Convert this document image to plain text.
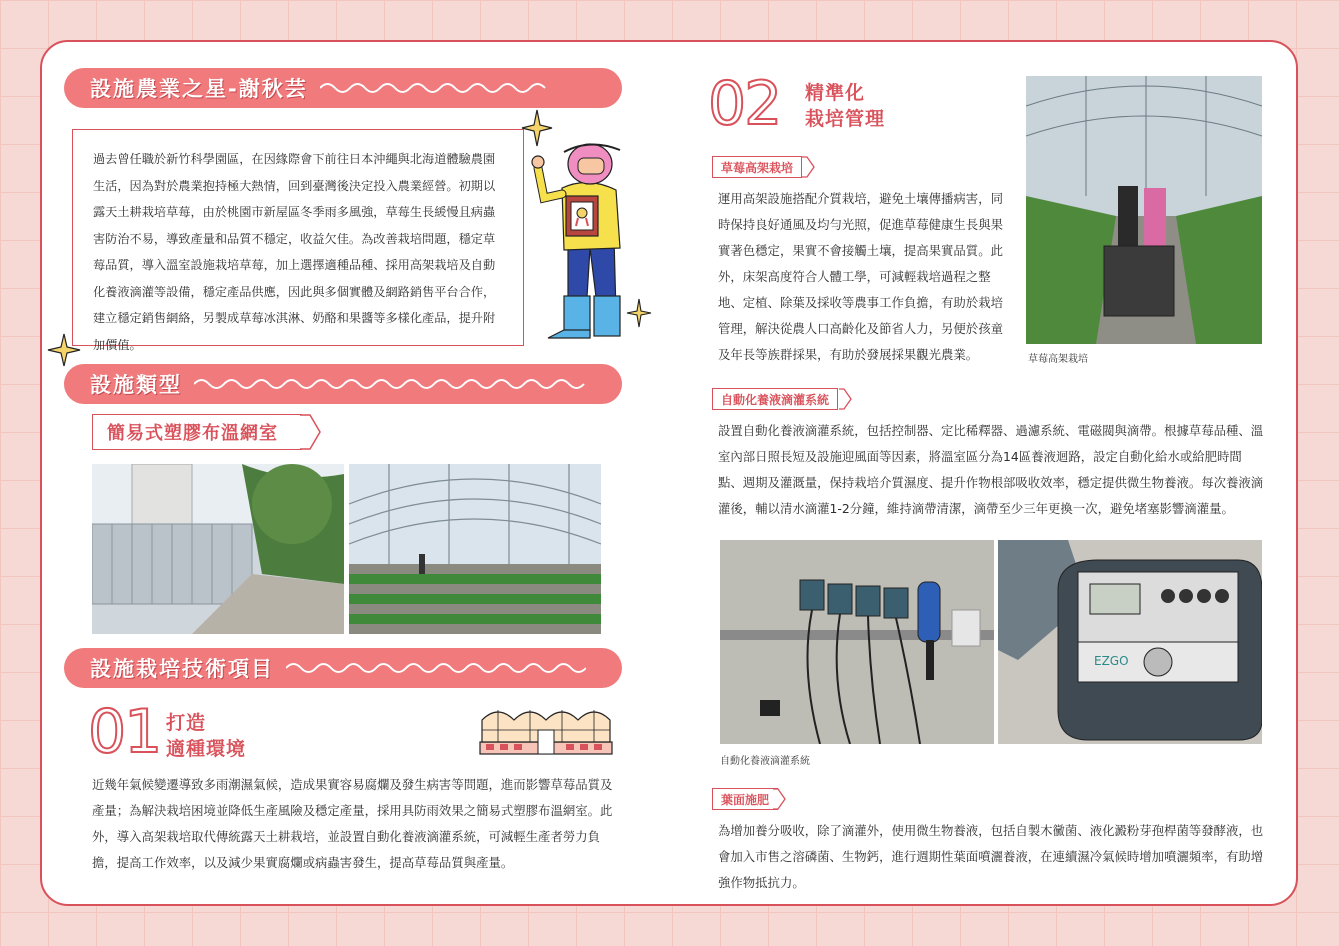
設施農業之星-謝秋芸

過去曾任職於新竹科學園區，在因緣際會下前往日本沖繩與北海道體驗農園生活，因為對於農業抱持極大熱情，回到臺灣後決定投入農業經營。初期以露天土耕栽培草莓，由於桃園市新屋區冬季雨多風強，草莓生長緩慢且病蟲害防治不易，導致產量和品質不穩定，收益欠佳。為改善栽培問題，穩定草莓品質，導入溫室設施栽培草莓，加上選擇適種品種、採用高架栽培及自動化養液滴灌等設備，穩定產品供應，因此與多個實體及網路銷售平台合作，建立穩定銷售網絡，另製成草莓冰淇淋、奶酪和果醬等多樣化產品，提升附加價值。

設施類型
簡易式塑膠布溫網室
設施栽培技術項目
01 打造
適種環境
近幾年氣候變遷導致多雨潮濕氣候，造成果實容易腐爛及發生病害等問題，進而影響草莓品質及產量；為解決栽培困境並降低生產風險及穩定產量，採用具防雨效果之簡易式塑膠布溫網室。此外，導入高架栽培取代傳統露天土耕栽培，並設置自動化養液滴灌系統，可減輕生產者勞力負擔，提高工作效率，以及減少果實腐爛或病蟲害發生，提高草莓品質與產量。
02 精準化
栽培管理
草莓高架栽培
運用高架設施搭配介質栽培，避免土壤傳播病害，同時保持良好通風及均勻光照，促進草莓健康生長與果實著色穩定，果實不會接觸土壤，提高果實品質。此外，床架高度符合人體工學，可減輕栽培過程之整地、定植、除葉及採收等農事工作負擔，有助於栽培管理，解決從農人口高齡化及節省人力，另便於孩童及年長等族群採果，有助於發展採果觀光農業。	草莓高架栽培
自動化養液滴灌系統
設置自動化養液滴灌系統，包括控制器、定比稀釋器、過濾系統、電磁閥與滴帶。根據草莓品種、溫室內部日照長短及設施迎風面等因素，將溫室區分為14區養液迴路，設定自動化給水或給肥時間點、週期及灌溉量，保持栽培介質濕度、提升作物根部吸收效率，穩定提供微生物養液。每次養液滴灌後，輔以清水滴灌1-2分鐘，維持滴帶清潔，滴帶至少三年更換一次，避免堵塞影響滴灌量。
EZGO
自動化養液滴灌系統
葉面施肥
為增加養分吸收，除了滴灌外，使用微生物養液，包括自製木黴菌、液化澱粉芽孢桿菌等發酵液，也會加入市售之溶磷菌、生物鈣，進行週期性葉面噴灑養液，在連續濕冷氣候時增加噴灑頻率，有助增強作物抵抗力。
